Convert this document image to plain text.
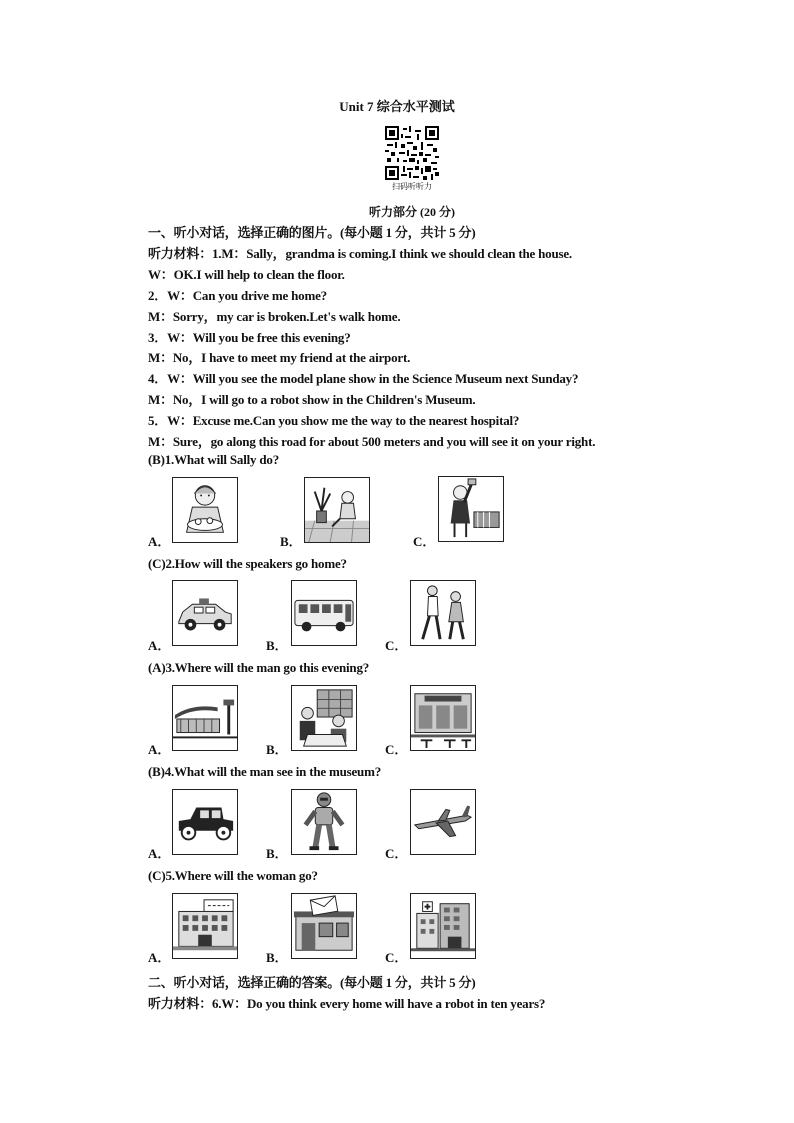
Unit 7 综合水平测试
扫码听听力
听力部分 (20 分)
一、听小对话，选择正确的图片。(每小题 1 分，共计 5 分)
听力材料：1.M：Sally，grandma is coming.I think we should clean the house.
W：OK.I will help to clean the floor.
2．W：Can you drive me home?
M：Sorry，my car is broken.Let's walk home.
3．W：Will you be free this evening?
M：No，I have to meet my friend at the airport.
4．W：Will you see the model plane show in the Science Museum next Sunday?
M：No，I will go to a robot show in the Children's Museum.
5．W：Excuse me.Can you show me the way to the nearest hospital?
M：Sure，go along this road for about 500 meters and you will see it on your right.
(B)1.What will Sally do?
A．	B．	C．
(C)2.How will the speakers go home?
A．	B．	C．
(A)3.Where will the man go this evening?
A．	B．	C．
(B)4.What will the man see in the museum?
A．	B．	C．
(C)5.Where will the woman go?
A．	B．	C．
二、听小对话，选择正确的答案。(每小题 1 分，共计 5 分)
听力材料：6.W：Do you think every home will have a robot in ten years?
